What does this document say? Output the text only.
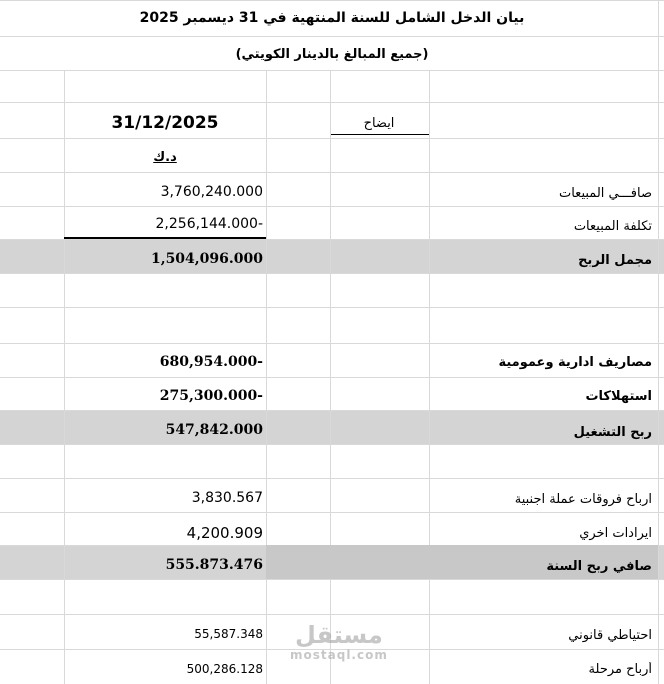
بيان الدخل الشامل للسنة المنتهية في 31 ديسمبر 2025
(جميع المبالغ بالدينار الكويتي)
31/12/2025	ايضاح
د.ك
3,760,240.000	صافـــي المبيعات
2,256,144.000-	تكلفة المبيعات
1,504,096.000	مجمل الربح
680,954.000-	مصاريف ادارية وعمومية
275,300.000-	استهلاكات
547,842.000	ربح التشغيل
3,830.567	ارباح فروقات عملة اجنبية
4,200.909	ايرادات اخري
555.873.476	صافي ربح السنة
55,587.348	احتياطي قانوني
500,286.128	أرباح مرحلة
مستقل
mostaql.com
